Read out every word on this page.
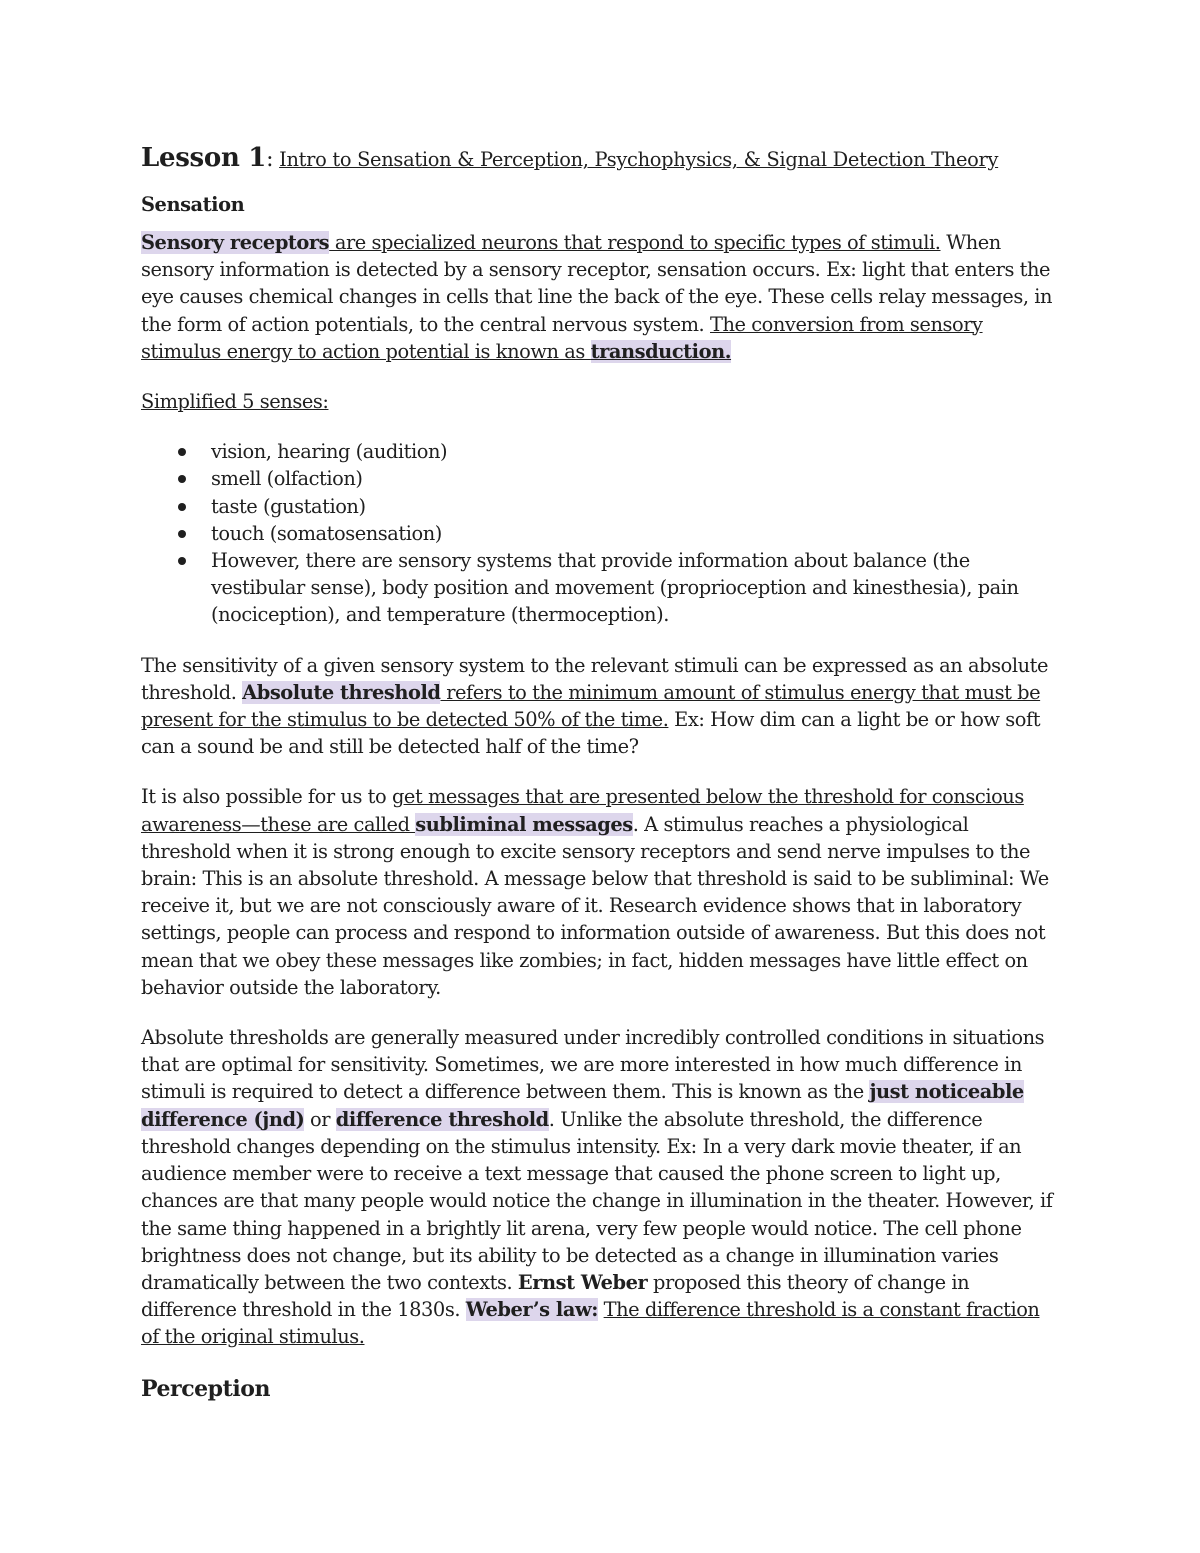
Lesson 1: Intro to Sensation & Perception, Psychophysics, & Signal Detection Theory
Sensation

Sensory receptors are specialized neurons that respond to specific types of stimuli. When sensory information is detected by a sensory receptor, sensation occurs. Ex: light that enters the eye causes chemical changes in cells that line the back of the eye. These cells relay messages, in the form of action potentials, to the central nervous system. The conversion from sensory stimulus energy to action potential is known as transduction.

Simplified 5 senses:

vision, hearing (audition)
smell (olfaction)
taste (gustation)
touch (somatosensation)
However, there are sensory systems that provide information about balance (the vestibular sense), body position and movement (proprioception and kinesthesia), pain (nociception), and temperature (thermoception).

The sensitivity of a given sensory system to the relevant stimuli can be expressed as an absolute threshold. Absolute threshold refers to the minimum amount of stimulus energy that must be present for the stimulus to be detected 50% of the time. Ex: How dim can a light be or how soft can a sound be and still be detected half of the time?

It is also possible for us to get messages that are presented below the threshold for conscious awareness—these are called subliminal messages. A stimulus reaches a physiological threshold when it is strong enough to excite sensory receptors and send nerve impulses to the brain: This is an absolute threshold. A message below that threshold is said to be subliminal: We receive it, but we are not consciously aware of it. Research evidence shows that in laboratory settings, people can process and respond to information outside of awareness. But this does not mean that we obey these messages like zombies; in fact, hidden messages have little effect on behavior outside the laboratory.

Absolute thresholds are generally measured under incredibly controlled conditions in situations that are optimal for sensitivity. Sometimes, we are more interested in how much difference in stimuli is required to detect a difference between them. This is known as the just noticeable difference (jnd) or difference threshold. Unlike the absolute threshold, the difference threshold changes depending on the stimulus intensity. Ex: In a very dark movie theater, if an audience member were to receive a text message that caused the phone screen to light up, chances are that many people would notice the change in illumination in the theater. However, if the same thing happened in a brightly lit arena, very few people would notice. The cell phone brightness does not change, but its ability to be detected as a change in illumination varies dramatically between the two contexts. Ernst Weber proposed this theory of change in difference threshold in the 1830s. Weber’s law: The difference threshold is a constant fraction of the original stimulus.

Perception
